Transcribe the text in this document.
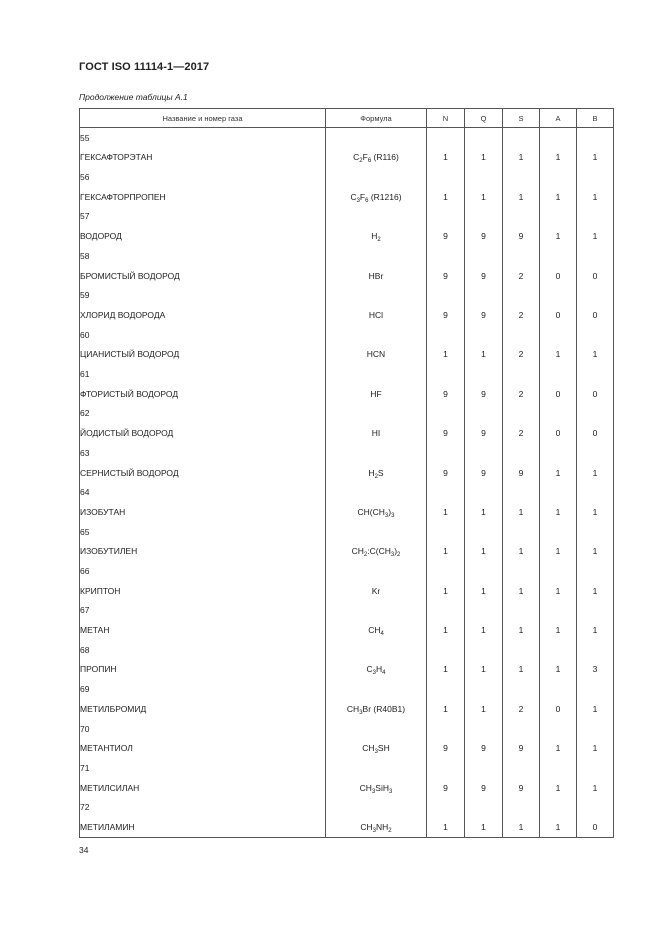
ГОСТ ISO 11114-1—2017
Продолжение таблицы А.1
Название и номер газа	Формула	N	Q	S	A	B
55						
ГЕКСАФТОРЭТАН	$C_2F_6$ (R116)	1	1	1	1	1
56						
ГЕКСАФТОРПРОПЕН	$C_3F_6$ (R1216)	1	1	1	1	1
57						
ВОДОРОД	$H_2$	9	9	9	1	1
58						
БРОМИСТЫЙ ВОДОРОД	HBr	9	9	2	0	0
59						
ХЛОРИД ВОДОРОДА	HCl	9	9	2	0	0
60						
ЦИАНИСТЫЙ ВОДОРОД	HCN	1	1	2	1	1
61						
ФТОРИСТЫЙ ВОДОРОД	HF	9	9	2	0	0
62						
ЙОДИСТЫЙ ВОДОРОД	HI	9	9	2	0	0
63						
СЕРНИСТЫЙ ВОДОРОД	$H_2S$	9	9	9	1	1
64						
ИЗОБУТАН	$CH(CH_3)_3$	1	1	1	1	1
65						
ИЗОБУТИЛЕН	$CH_2:C(CH_3)_2$	1	1	1	1	1
66						
КРИПТОН	Kr	1	1	1	1	1
67						
МЕТАН	$CH_4$	1	1	1	1	1
68						
ПРОПИН	$C_3H_4$	1	1	1	1	3
69						
МЕТИЛБРОМИД	$CH_3Br$ (R40B1)	1	1	2	0	1
70						
МЕТАНТИОЛ	$CH_3SH$	9	9	9	1	1
71						
МЕТИЛСИЛАН	$CH_3SiH_3$	9	9	9	1	1
72						
МЕТИЛАМИН	$CH_3NH_2$	1	1	1	1	0
34
